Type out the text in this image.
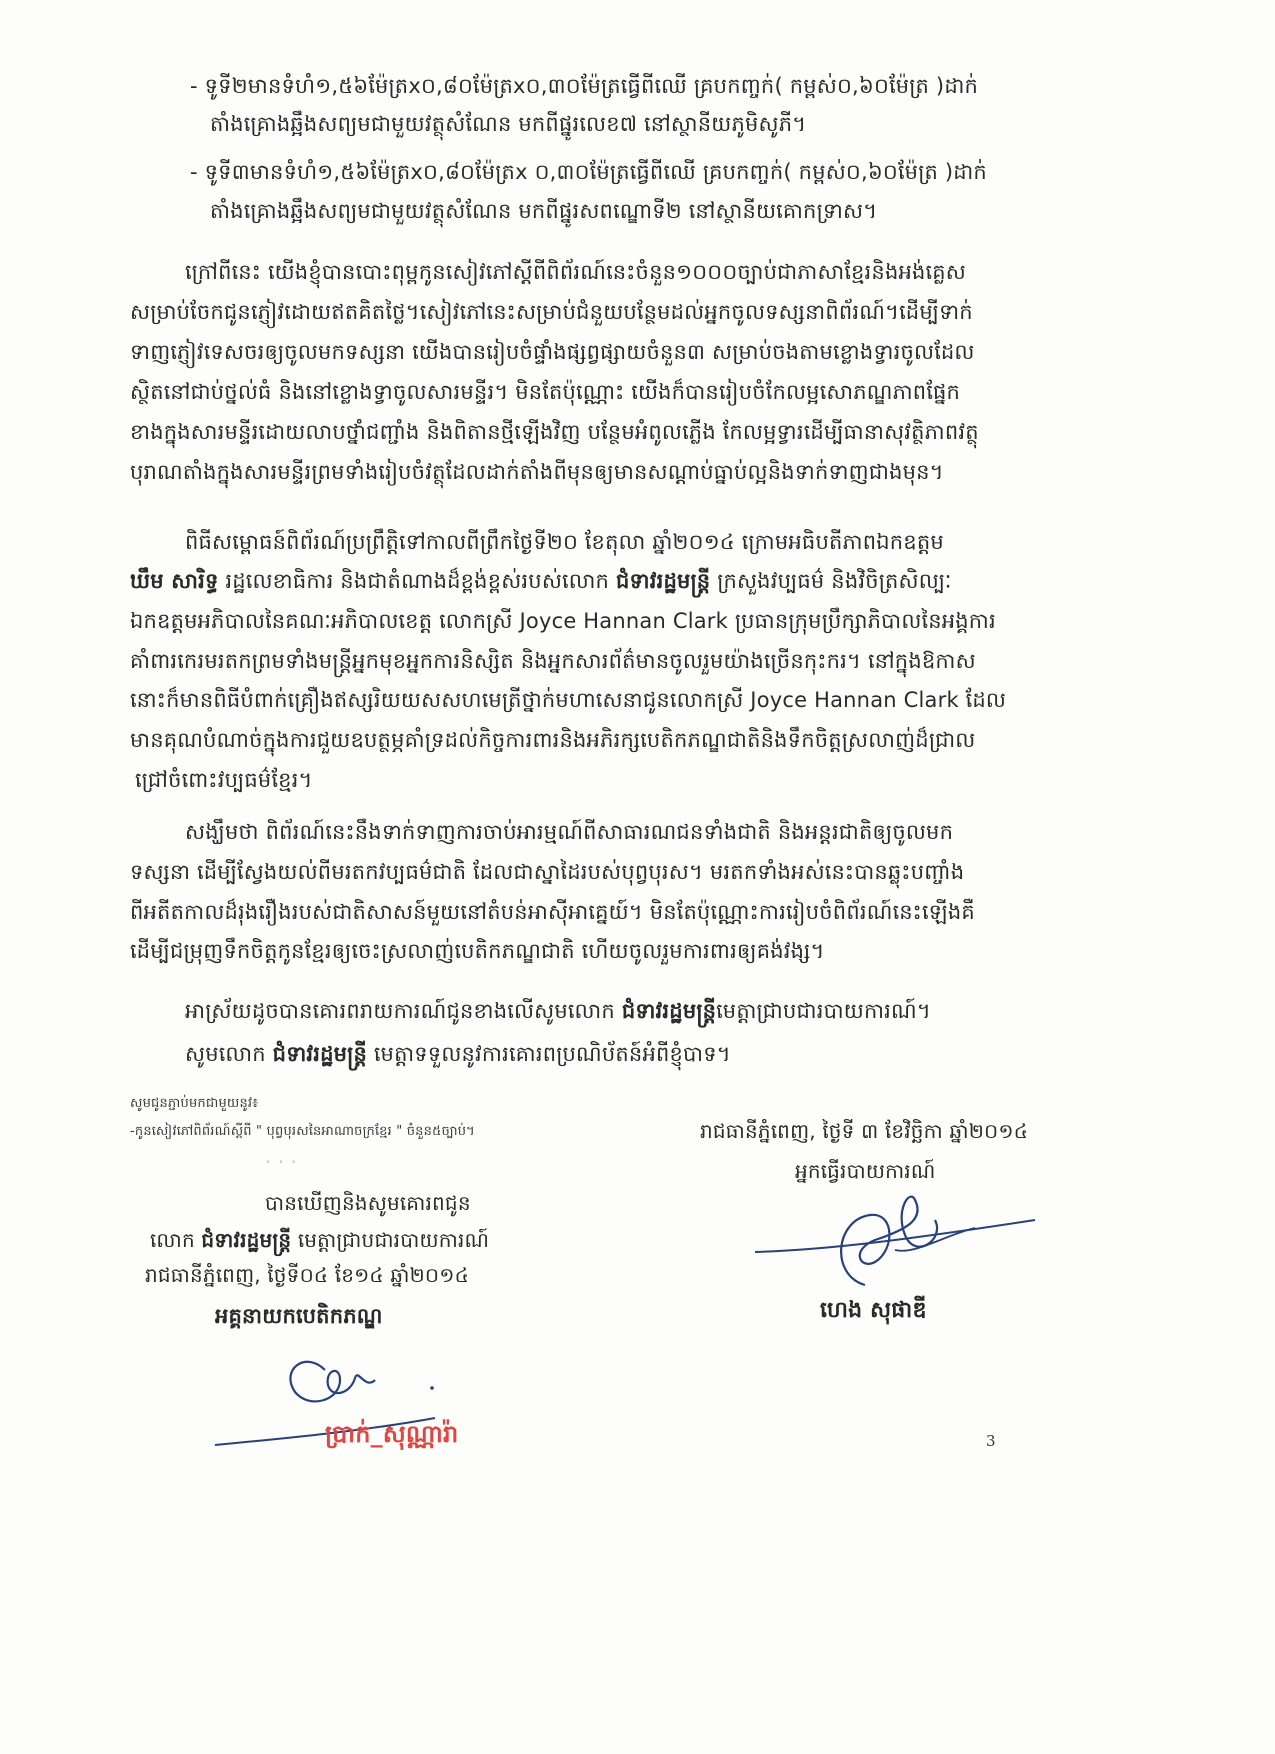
- ទូទី២មានទំហំ១,៥៦ម៉ែត្រx០,៨០ម៉ែត្រx០,៣០ម៉ែត្រធ្វើពីឈើ គ្របកញ្ចក់( កម្ពស់០,៦០ម៉ែត្រ )ដាក់
តាំងគ្រោងឆ្អឹងសព្យមជាមួយវត្ថុសំណែន មកពីផ្នូរលេខ៧ នៅស្ថានីយភូមិសូភី។
- ទូទី៣មានទំហំ១,៥៦ម៉ែត្រx០,៨០ម៉ែត្រx ០,៣០ម៉ែត្រធ្វើពីឈើ គ្របកញ្ចក់( កម្ពស់០,៦០ម៉ែត្រ )ដាក់
តាំងគ្រោងឆ្អឹងសព្យមជាមួយវត្ថុសំណែន មកពីផ្នូរសពណ្ឌោទី២ នៅស្ថានីយគោកទ្រាស។
ក្រៅពីនេះ យើងខ្ញុំបានបោះពុម្ពកូនសៀវភៅស្តីពីពិព័រណ៍នេះចំនួន១០០០ច្បាប់ជាភាសាខ្មែរនិងអង់គ្លេស
សម្រាប់ចែកជូនភ្ញៀវដោយឥតគិតថ្លៃ។សៀវភៅនេះសម្រាប់ជំនួយបន្ថែមដល់អ្នកចូលទស្សនាពិព័រណ៍។ដើម្បីទាក់
ទាញភ្ញៀវទេសចរឲ្យចូលមកទស្សនា យើងបានរៀបចំផ្ទាំងផ្សព្វផ្សាយចំនួន៣ សម្រាប់ចងតាមខ្លោងទ្វារចូលដែល
ស្ថិតនៅជាប់ថ្នល់ធំ និងនៅខ្លោងទ្វាចូលសារមន្ទីរ។ មិនតែប៉ុណ្ណោះ យើងក៏បានរៀបចំកែលម្អសោភណ្ឌភាពផ្នែក
ខាងក្នុងសារមន្ទីរដោយលាបថ្នាំជញ្ជាំង និងពិតានថ្មីឡើងវិញ បន្ថែមអំពូលភ្លើង កែលម្អទ្វារដើម្បីធានាសុវត្ថិភាពវត្ថុ
បុរាណតាំងក្នុងសារមន្ទីរព្រមទាំងរៀបចំវត្ថុដែលដាក់តាំងពីមុនឲ្យមានសណ្តាប់ធ្នាប់ល្អនិងទាក់ទាញជាងមុន។
ពិធីសម្ពោធន៍ពិព័រណ៍ប្រព្រឹត្តិទៅកាលពីព្រឹកថ្ងៃទី២០ ខែតុលា ឆ្នាំ២០១៤ ក្រោមអធិបតីភាពឯកឧត្តម
ឃឹម សារិទ្ធ រដ្ឋលេខាធិការ និងជាតំណាងដ៏ខ្ពង់ខ្ពស់របស់លោក ជំទាវរដ្ឋមន្រ្តី ក្រសួងវប្បធម៌ និងវិចិត្រសិល្បៈ
ឯកឧត្តមអភិបាលនៃគណៈអភិបាលខេត្ត លោកស្រី Joyce Hannan Clark ប្រធានក្រុមប្រឹក្សាភិបាលនៃអង្គការ
គាំពារកេរមរតកព្រមទាំងមន្ត្រីអ្នកមុខអ្នកការនិស្សិត និងអ្នកសារព័ត៌មានចូលរួមយ៉ាងច្រើនកុះករ។ នៅក្នុងឱកាស
នោះក៏មានពិធីបំពាក់គ្រឿងឥស្សរិយយសសហមេត្រីថ្នាក់មហាសេនាជូនលោកស្រី Joyce Hannan Clark ដែល
មានគុណបំណាច់ក្នុងការជួយឧបត្ថម្ភគាំទ្រដល់កិច្ចការពារនិងអភិរក្សបេតិកភណ្ឌជាតិនិងទឹកចិត្តស្រលាញ់ដ៏ជ្រាល
ជ្រៅចំពោះវប្បធម៌ខ្មែរ។
សង្ឃឹមថា ពិព័រណ៍នេះនឹងទាក់ទាញការចាប់អារម្មណ៍ពីសាធារណជនទាំងជាតិ និងអន្តរជាតិឲ្យចូលមក
ទស្សនា ដើម្បីស្វែងយល់ពីមរតកវប្បធម៌ជាតិ ដែលជាស្នាដៃរបស់បុព្វបុរស។ មរតកទាំងអស់នេះបានឆ្លុះបញ្ចាំង
ពីអតីតកាលដ៏រុងរឿងរបស់ជាតិសាសន៍មួយនៅតំបន់អាស៊ីអាគ្នេយ៍។ មិនតែប៉ុណ្ណោះការរៀបចំពិព័រណ៍នេះឡើងគឺ
ដើម្បីជម្រុញទឹកចិត្តកូនខ្មែរឲ្យចេះស្រលាញ់បេតិកភណ្ឌជាតិ ហើយចូលរួមការពារឲ្យគង់វង្ស។
អាស្រ័យដូចបានគោរពរាយការណ៍ជូនខាងលើសូមលោក ជំទាវរដ្ឋមន្រ្តីមេត្តាជ្រាបជារបាយការណ៍។
សូមលោក ជំទាវរដ្ឋមន្រ្តី មេត្តាទទួលនូវការគោរពប្រណិប័តន៍អំពីខ្ញុំបាទ។
សូមជូនភ្ជាប់មកជាមួយនូវ៖
-កូនសៀវភៅពិព័រណ៍ស្តីពី " បុព្វបុរសនៃអាណាចក្រខ្មែរ " ចំនួន៥ច្បាប់។	រាជធានីភ្នំពេញ, ថ្ងៃទី ៣ ខែវិច្ឆិកា ឆ្នាំ២០១៤
អ្នកធ្វើរបាយការណ៍
ហេង សុផាឌី
· · ·
បានឃើញនិងសូមគោរពជូន
លោក ជំទាវរដ្ឋមន្ត្រី មេត្តាជ្រាបជារបាយការណ៍
រាជធានីភ្នំពេញ, ថ្ងៃទី០៤ ខែ១៤ ឆ្នាំ២០១៤
អគ្គនាយកបេតិកភណ្ឌ
ប្រាក់_សុណ្ណារ៉ា	3
